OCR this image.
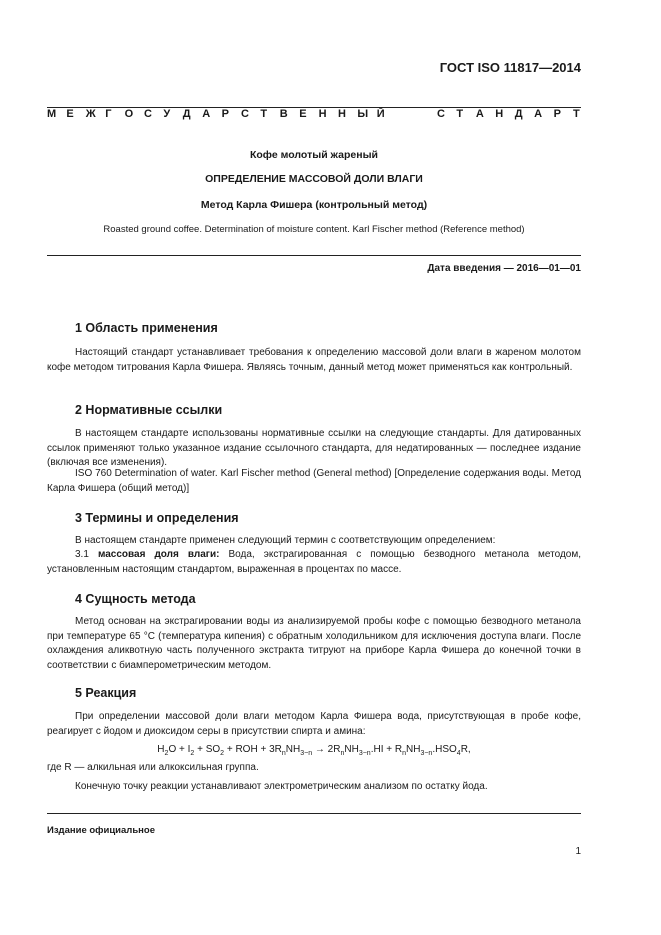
ГОСТ ISO 11817—2014
М Е Ж Г О С У Д А Р С Т В Е Н Н Ы Й	С Т А Н Д А Р Т
Кофе молотый жареный
ОПРЕДЕЛЕНИЕ МАССОВОЙ ДОЛИ ВЛАГИ
Метод Карла Фишера (контрольный метод)
Roasted ground coffee. Determination of moisture content. Karl Fischer method (Reference method)
Дата введения — 2016—01—01
1 Область применения

Настоящий стандарт устанавливает требования к определению массовой доли влаги в жареном молотом кофе методом титрования Карла Фишера. Являясь точным, данный метод может применяться как контрольный.

2 Нормативные ссылки

В настоящем стандарте использованы нормативные ссылки на следующие стандарты. Для датированных ссылок применяют только указанное издание ссылочного стандарта, для недатированных — последнее издание (включая все изменения).

ISO 760 Determination of water. Karl Fischer method (General method) [Определение содержания воды. Метод Карла Фишера (общий метод)]

3 Термины и определения

В настоящем стандарте применен следующий термин с соответствующим определением:

3.1 массовая доля влаги: Вода, экстрагированная с помощью безводного метанола методом, установленным настоящим стандартом, выраженная в процентах по массе.

4 Сущность метода

Метод основан на экстрагировании воды из анализируемой пробы кофе с помощью безводного метанола при температуре 65 °С (температура кипения) с обратным холодильником для исключения доступа влаги. После охлаждения аликвотную часть полученного экстракта титруют на приборе Карла Фишера до конечной точки в соответствии с биамперометрическим методом.

5 Реакция

При определении массовой доли влаги методом Карла Фишера вода, присутствующая в пробе кофе, реагирует с йодом и диоксидом серы в присутствии спирта и амина:

$H_2O + I_2 + SO_2$ + ROH + $3R_nNH_{3-n} \to 2R_nNH_{3-n}.HI + R_nNH_{3-n}.HSO_4R$,

где R — алкильная или алкоксильная группа.

Конечную точку реакции устанавливают электрометрическим анализом по остатку йода.

Издание официальное
1
